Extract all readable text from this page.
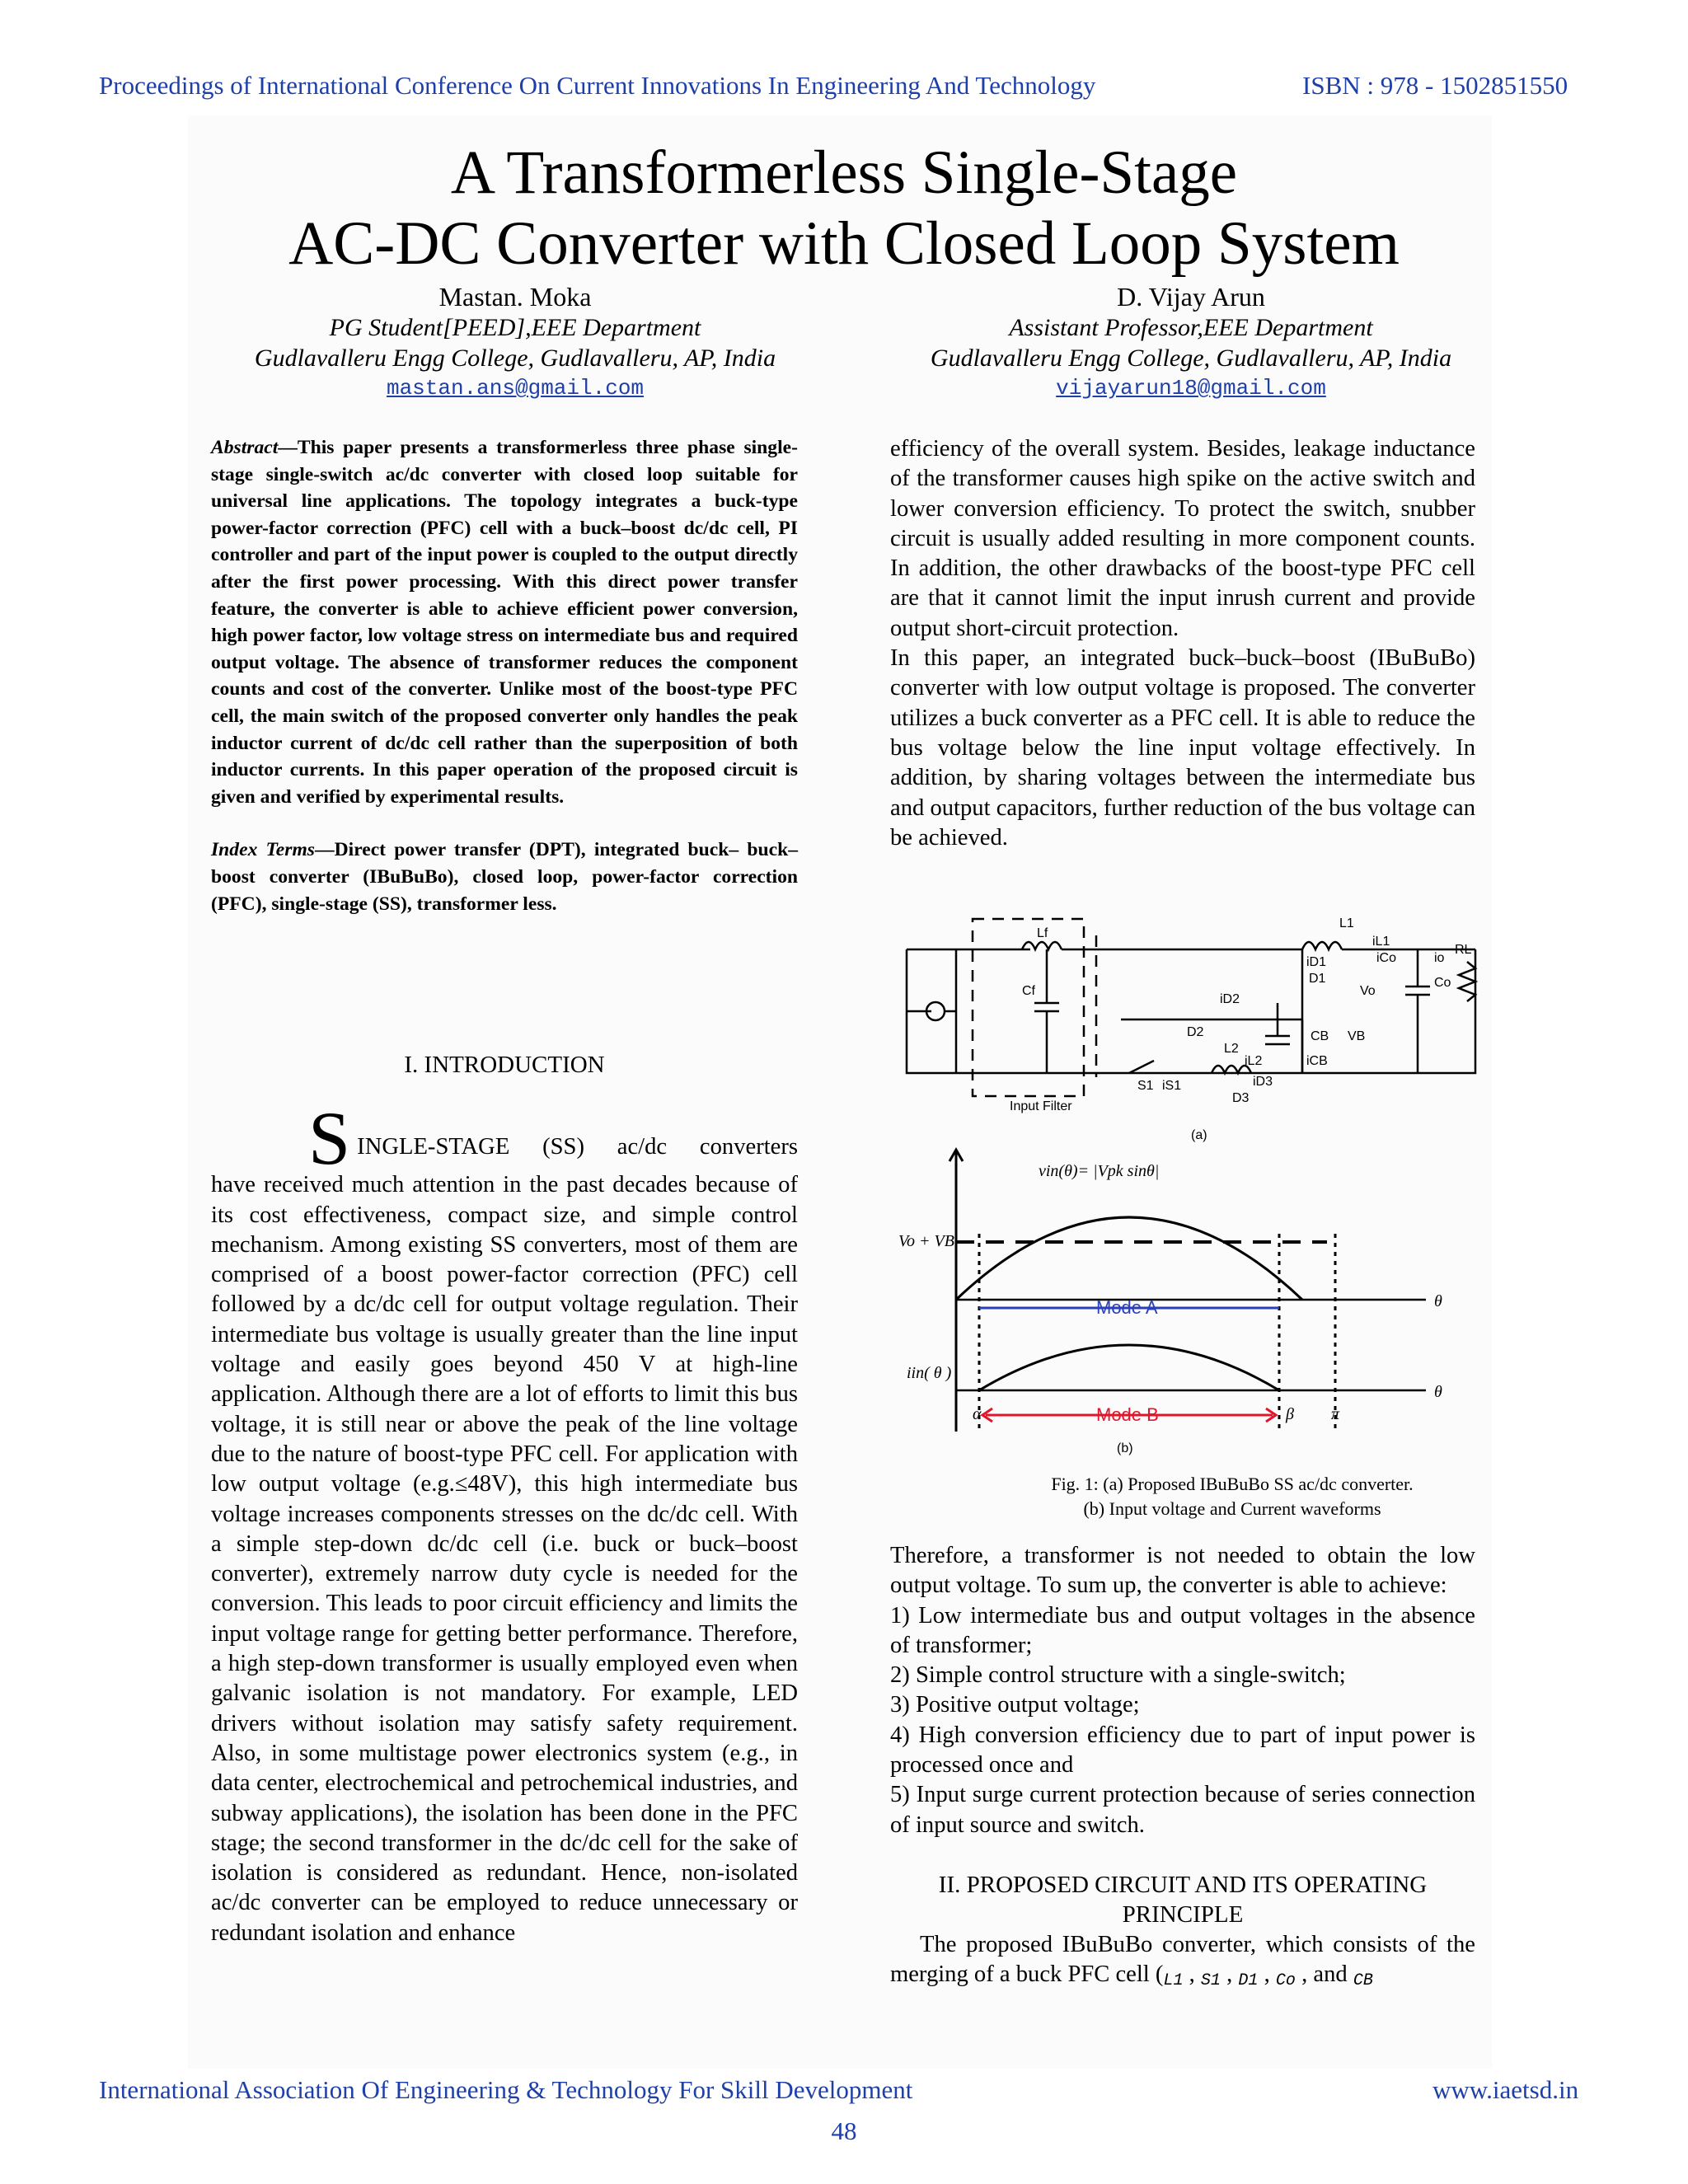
Proceedings of International Conference On Current Innovations In Engineering And Technology	ISBN : 978 - 1502851550
A Transformerless Single-Stage
AC-DC Converter with Closed Loop System
Mastan. Moka
PG Student[PEED],EEE Department
Gudlavalleru Engg College, Gudlavalleru, AP, India
mastan.ans@gmail.com
D. Vijay Arun
Assistant Professor,EEE Department
Gudlavalleru Engg College, Gudlavalleru, AP, India
vijayarun18@gmail.com
Abstract—This paper presents a transformerless three phase single-stage single-switch ac/dc converter with closed loop suitable for universal line applications. The topology integrates a buck-type power-factor correction (PFC) cell with a buck–boost dc/dc cell, PI controller and part of the input power is coupled to the output directly after the first power processing. With this direct power transfer feature, the converter is able to achieve efficient power conversion, high power factor, low voltage stress on intermediate bus and required output voltage. The absence of transformer reduces the component counts and cost of the converter. Unlike most of the boost-type PFC cell, the main switch of the proposed converter only handles the peak inductor current of dc/dc cell rather than the superposition of both inductor currents. In this paper operation of the proposed circuit is given and verified by experimental results.
Index Terms—Direct power transfer (DPT), integrated buck– buck–boost converter (IBuBuBo), closed loop, power-factor correction (PFC), single-stage (SS), transformer less.
I. INTRODUCTION
S INGLE-STAGE (SS) ac/dc converters
have received much attention in the past decades because of its cost effectiveness, compact size, and simple control mechanism. Among existing SS converters, most of them are comprised of a boost power-factor correction (PFC) cell followed by a dc/dc cell for output voltage regulation. Their intermediate bus voltage is usually greater than the line input voltage and easily goes beyond 450 V at high-line application. Although there are a lot of efforts to limit this bus voltage, it is still near or above the peak of the line voltage due to the nature of boost-type PFC cell. For application with low output voltage (e.g.≤48V), this high intermediate bus voltage increases components stresses on the dc/dc cell. With a simple step-down dc/dc cell (i.e. buck or buck–boost converter), extremely narrow duty cycle is needed for the conversion. This leads to poor circuit efficiency and limits the input voltage range for getting better performance. Therefore, a high step-down transformer is usually employed even when galvanic isolation is not mandatory. For example, LED drivers without isolation may satisfy safety requirement. Also, in some multistage power electronics system (e.g., in data center, electrochemical and petrochemical industries, and subway applications), the isolation has been done in the PFC stage; the second transformer in the dc/dc cell for the sake of isolation is considered as redundant. Hence, non-isolated ac/dc converter can be employed to reduce unnecessary or redundant isolation and enhance
efficiency of the overall system. Besides, leakage inductance of the transformer causes high spike on the active switch and lower conversion efficiency. To protect the switch, snubber circuit is usually added resulting in more component counts. In addition, the other drawbacks of the boost-type PFC cell are that it cannot limit the input inrush current and provide output short-circuit protection.
In this paper, an integrated buck–buck–boost (IBuBuBo) converter with low output voltage is proposed. The converter utilizes a buck converter as a PFC cell. It is able to reduce the bus voltage below the line input voltage effectively. In addition, by sharing voltages between the intermediate bus and output capacitors, further reduction of the bus voltage can be achieved.
Lf
Cf
L1
iL1
iD1
D1
iCo	io
iD2
D2
Vo
Co
RL
CB VB
L2
iL2	iCB
S1 iS1	iD3
D3
Input Filter
(a)
vin(θ)= |Vpk sinθ|
Vo + VB
θ
iin( θ )
θ
α	β π
Mode A
Mode B
(b)
Fig. 1: (a) Proposed IBuBuBo SS ac/dc converter.
(b) Input voltage and Current waveforms
Therefore, a transformer is not needed to obtain the low output voltage. To sum up, the converter is able to achieve:
1) Low intermediate bus and output voltages in the absence of transformer;
2) Simple control structure with a single-switch;
3) Positive output voltage;
4) High conversion efficiency due to part of input power is processed once and
5) Input surge current protection because of series connection of input source and switch.
II. PROPOSED CIRCUIT AND ITS OPERATING
PRINCIPLE
The proposed IBuBuBo converter, which consists of the merging of a buck PFC cell (L1 , S1 , D1 , Co , and CB
International Association Of Engineering & Technology For Skill Development	www.iaetsd.in
48
